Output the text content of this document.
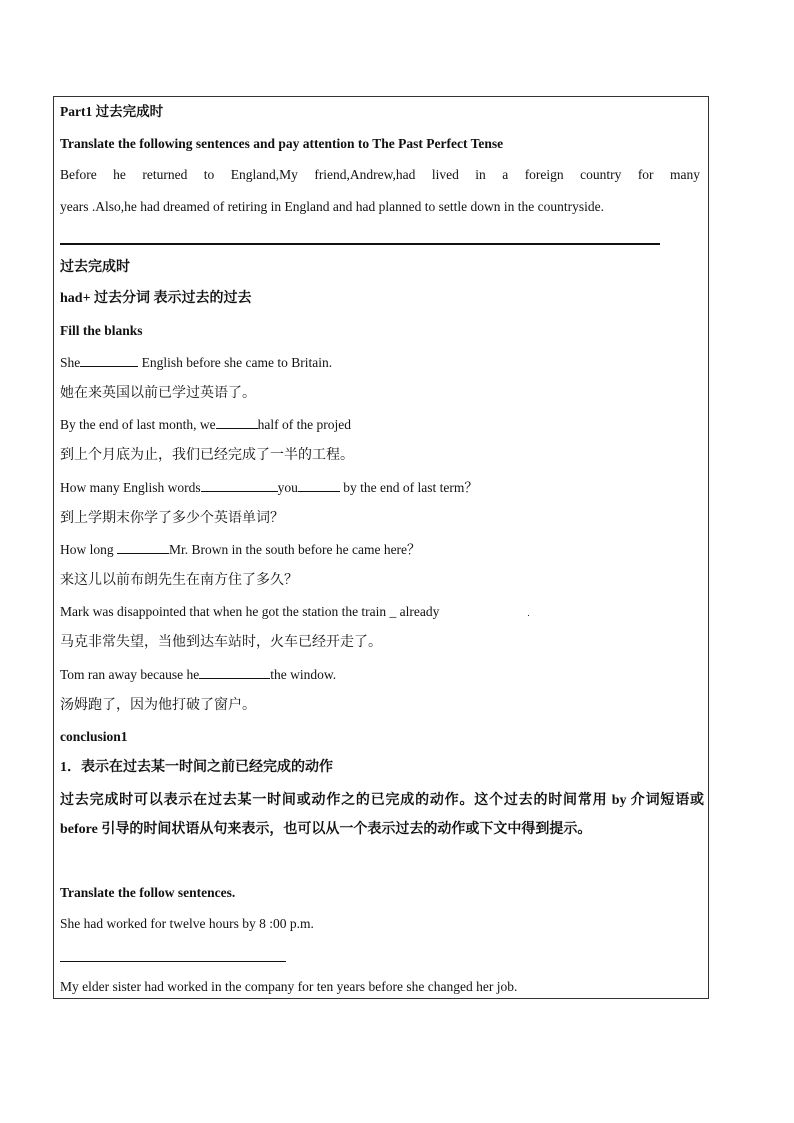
Part1 过去完成时
Translate the following sentences and pay attention to The Past Perfect Tense
Before he returned to England,My friend,Andrew,had lived in a foreign country for many
years .Also,he had dreamed of retiring in England and had planned to settle down in the countryside.
过去完成时
had+ 过去分词 表示过去的过去
Fill the blanks
She	English before she came to Britain.
她在来英国以前已学过英语了。
By the end of last month, we	half of the projed
到上个月底为止，我们已经完成了一半的工程。
How many English words	you	by the end of last term？
到上学期末你学了多少个英语单词？
How long	Mr. Brown in the south before he came here？
来这儿以前布朗先生在南方住了多久？
Mark was disappointed that when he got the station the train _ already	.
马克非常失望，当他到达车站时，火车已经开走了。
Tom ran away because he	the window.
汤姆跑了，因为他打破了窗户。
conclusion1
1．表示在过去某一时间之前已经完成的动作
过去完成时可以表示在过去某一时间或动作之的已完成的动作。这个过去的时间常用 by 介词短语或 before 引导的时间状语从句来表示，也可以从一个表示过去的动作或下文中得到提示。
Translate the follow sentences.
She had worked for twelve hours by 8 :00 p.m.
My elder sister had worked in the company for ten years before she changed her job.
